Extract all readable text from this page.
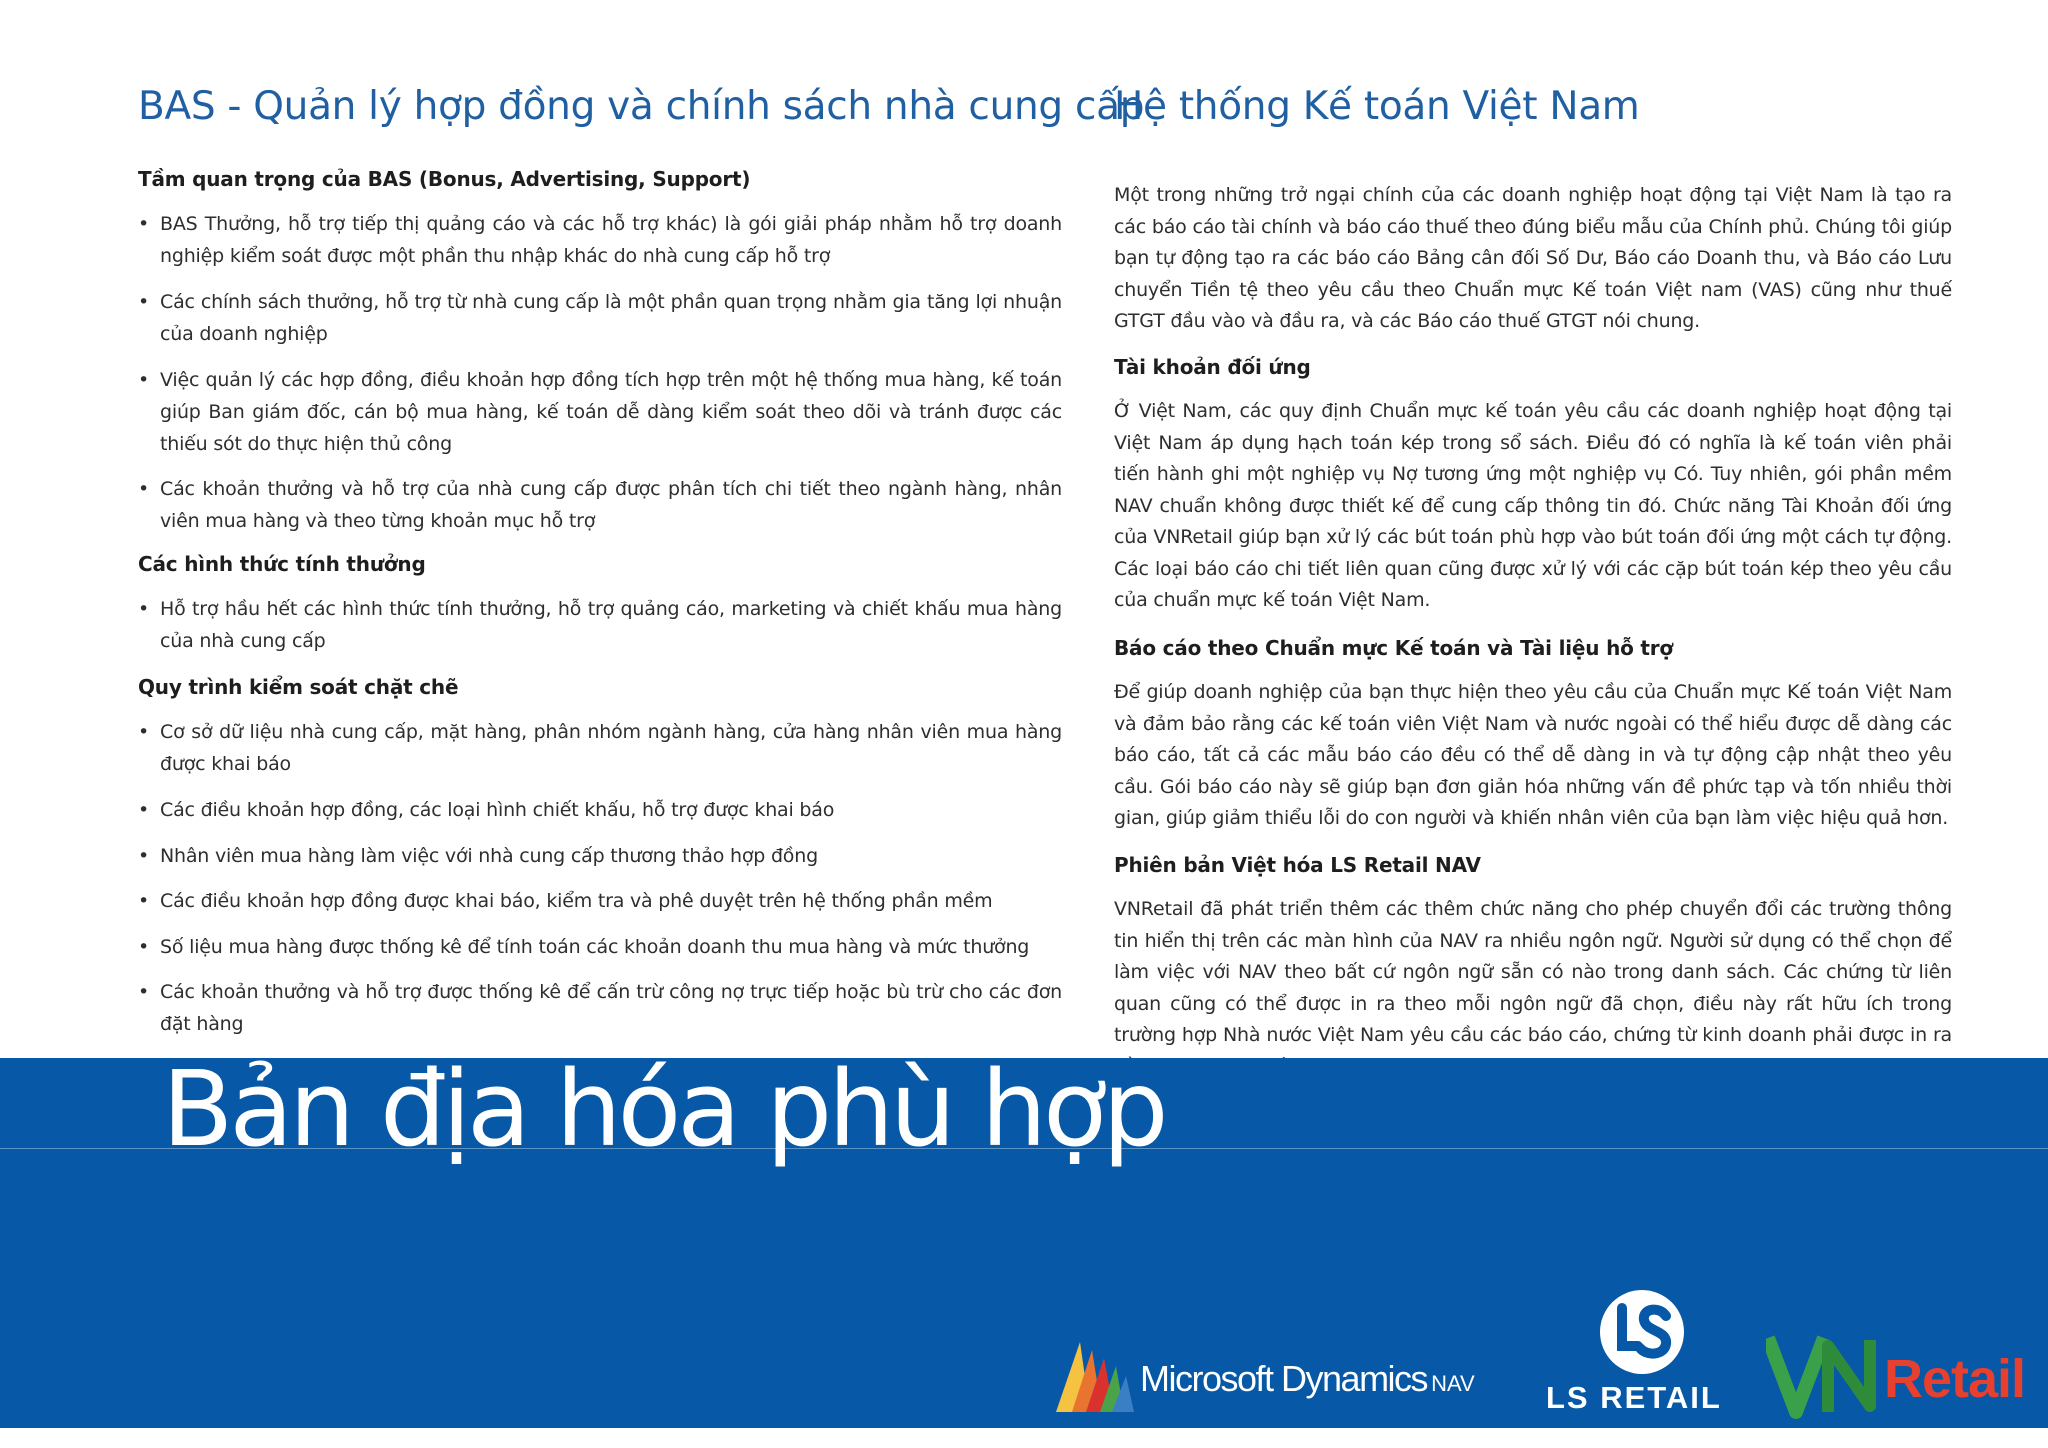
BAS - Quản lý hợp đồng và chính sách nhà cung cấp
Tầm quan trọng của BAS (Bonus, Advertising, Support)
• BAS Thưởng, hỗ trợ tiếp thị quảng cáo và các hỗ trợ khác) là gói giải pháp nhằm hỗ trợ doanh nghiệp kiểm soát được một phần thu nhập khác do nhà cung cấp hỗ trợ
• Các chính sách thưởng, hỗ trợ từ nhà cung cấp là một phần quan trọng nhằm gia tăng lợi nhuận của doanh nghiệp
• Việc quản lý các hợp đồng, điều khoản hợp đồng tích hợp trên một hệ thống mua hàng, kế toán giúp Ban giám đốc, cán bộ mua hàng, kế toán dễ dàng kiểm soát theo dõi và tránh được các thiếu sót do thực hiện thủ công
• Các khoản thưởng và hỗ trợ của nhà cung cấp được phân tích chi tiết theo ngành hàng, nhân viên mua hàng và theo từng khoản mục hỗ trợ
Các hình thức tính thưởng
• Hỗ trợ hầu hết các hình thức tính thưởng, hỗ trợ quảng cáo, marketing và chiết khấu mua hàng của nhà cung cấp
Quy trình kiểm soát chặt chẽ
• Cơ sở dữ liệu nhà cung cấp, mặt hàng, phân nhóm ngành hàng, cửa hàng nhân viên mua hàng được khai báo
• Các điều khoản hợp đồng, các loại hình chiết khấu, hỗ trợ được khai báo
• Nhân viên mua hàng làm việc với nhà cung cấp thương thảo hợp đồng
• Các điều khoản hợp đồng được khai báo, kiểm tra và phê duyệt trên hệ thống phần mềm
• Số liệu mua hàng được thống kê để tính toán các khoản doanh thu mua hàng và mức thưởng
• Các khoản thưởng và hỗ trợ được thống kê để cấn trừ công nợ trực tiếp hoặc bù trừ cho các đơn đặt hàng
Hệ thống Kế toán Việt Nam

Một trong những trở ngại chính của các doanh nghiệp hoạt động tại Việt Nam là tạo ra các báo cáo tài chính và báo cáo thuế theo đúng biểu mẫu của Chính phủ. Chúng tôi giúp bạn tự động tạo ra các báo cáo Bảng cân đối Số Dư, Báo cáo Doanh thu, và Báo cáo Lưu chuyển Tiền tệ theo yêu cầu theo Chuẩn mực Kế toán Việt nam (VAS) cũng như thuế GTGT đầu vào và đầu ra, và các Báo cáo thuế GTGT nói chung.

Tài khoản đối ứng

Ở Việt Nam, các quy định Chuẩn mực kế toán yêu cầu các doanh nghiệp hoạt động tại Việt Nam áp dụng hạch toán kép trong sổ sách. Điều đó có nghĩa là kế toán viên phải tiến hành ghi một nghiệp vụ Nợ tương ứng một nghiệp vụ Có. Tuy nhiên, gói phần mềm NAV chuẩn không được thiết kế để cung cấp thông tin đó. Chức năng Tài Khoản đối ứng của VNRetail giúp bạn xử lý các bút toán phù hợp vào bút toán đối ứng một cách tự động. Các loại báo cáo chi tiết liên quan cũng được xử lý với các cặp bút toán kép theo yêu cầu của chuẩn mực kế toán Việt Nam.

Báo cáo theo Chuẩn mực Kế toán và Tài liệu hỗ trợ

Để giúp doanh nghiệp của bạn thực hiện theo yêu cầu của Chuẩn mực Kế toán Việt Nam và đảm bảo rằng các kế toán viên Việt Nam và nước ngoài có thể hiểu được dễ dàng các báo cáo, tất cả các mẫu báo cáo đều có thể dễ dàng in và tự động cập nhật theo yêu cầu. Gói báo cáo này sẽ giúp bạn đơn giản hóa những vấn đề phức tạp và tốn nhiều thời gian, giúp giảm thiểu lỗi do con người và khiến nhân viên của bạn làm việc hiệu quả hơn.

Phiên bản Việt hóa LS Retail NAV

VNRetail đã phát triển thêm các thêm chức năng cho phép chuyển đổi các trường thông tin hiển thị trên các màn hình của NAV ra nhiều ngôn ngữ. Người sử dụng có thể chọn để làm việc với NAV theo bất cứ ngôn ngữ sẵn có nào trong danh sách. Các chứng từ liên quan cũng có thể được in ra theo mỗi ngôn ngữ đã chọn, điều này rất hữu ích trong trường hợp Nhà nước Việt Nam yêu cầu các báo cáo, chứng từ kinh doanh phải được in ra

Bản địa hóa phù hợp
Microsoft Dynamics NAV LS RETAIL	Retail
